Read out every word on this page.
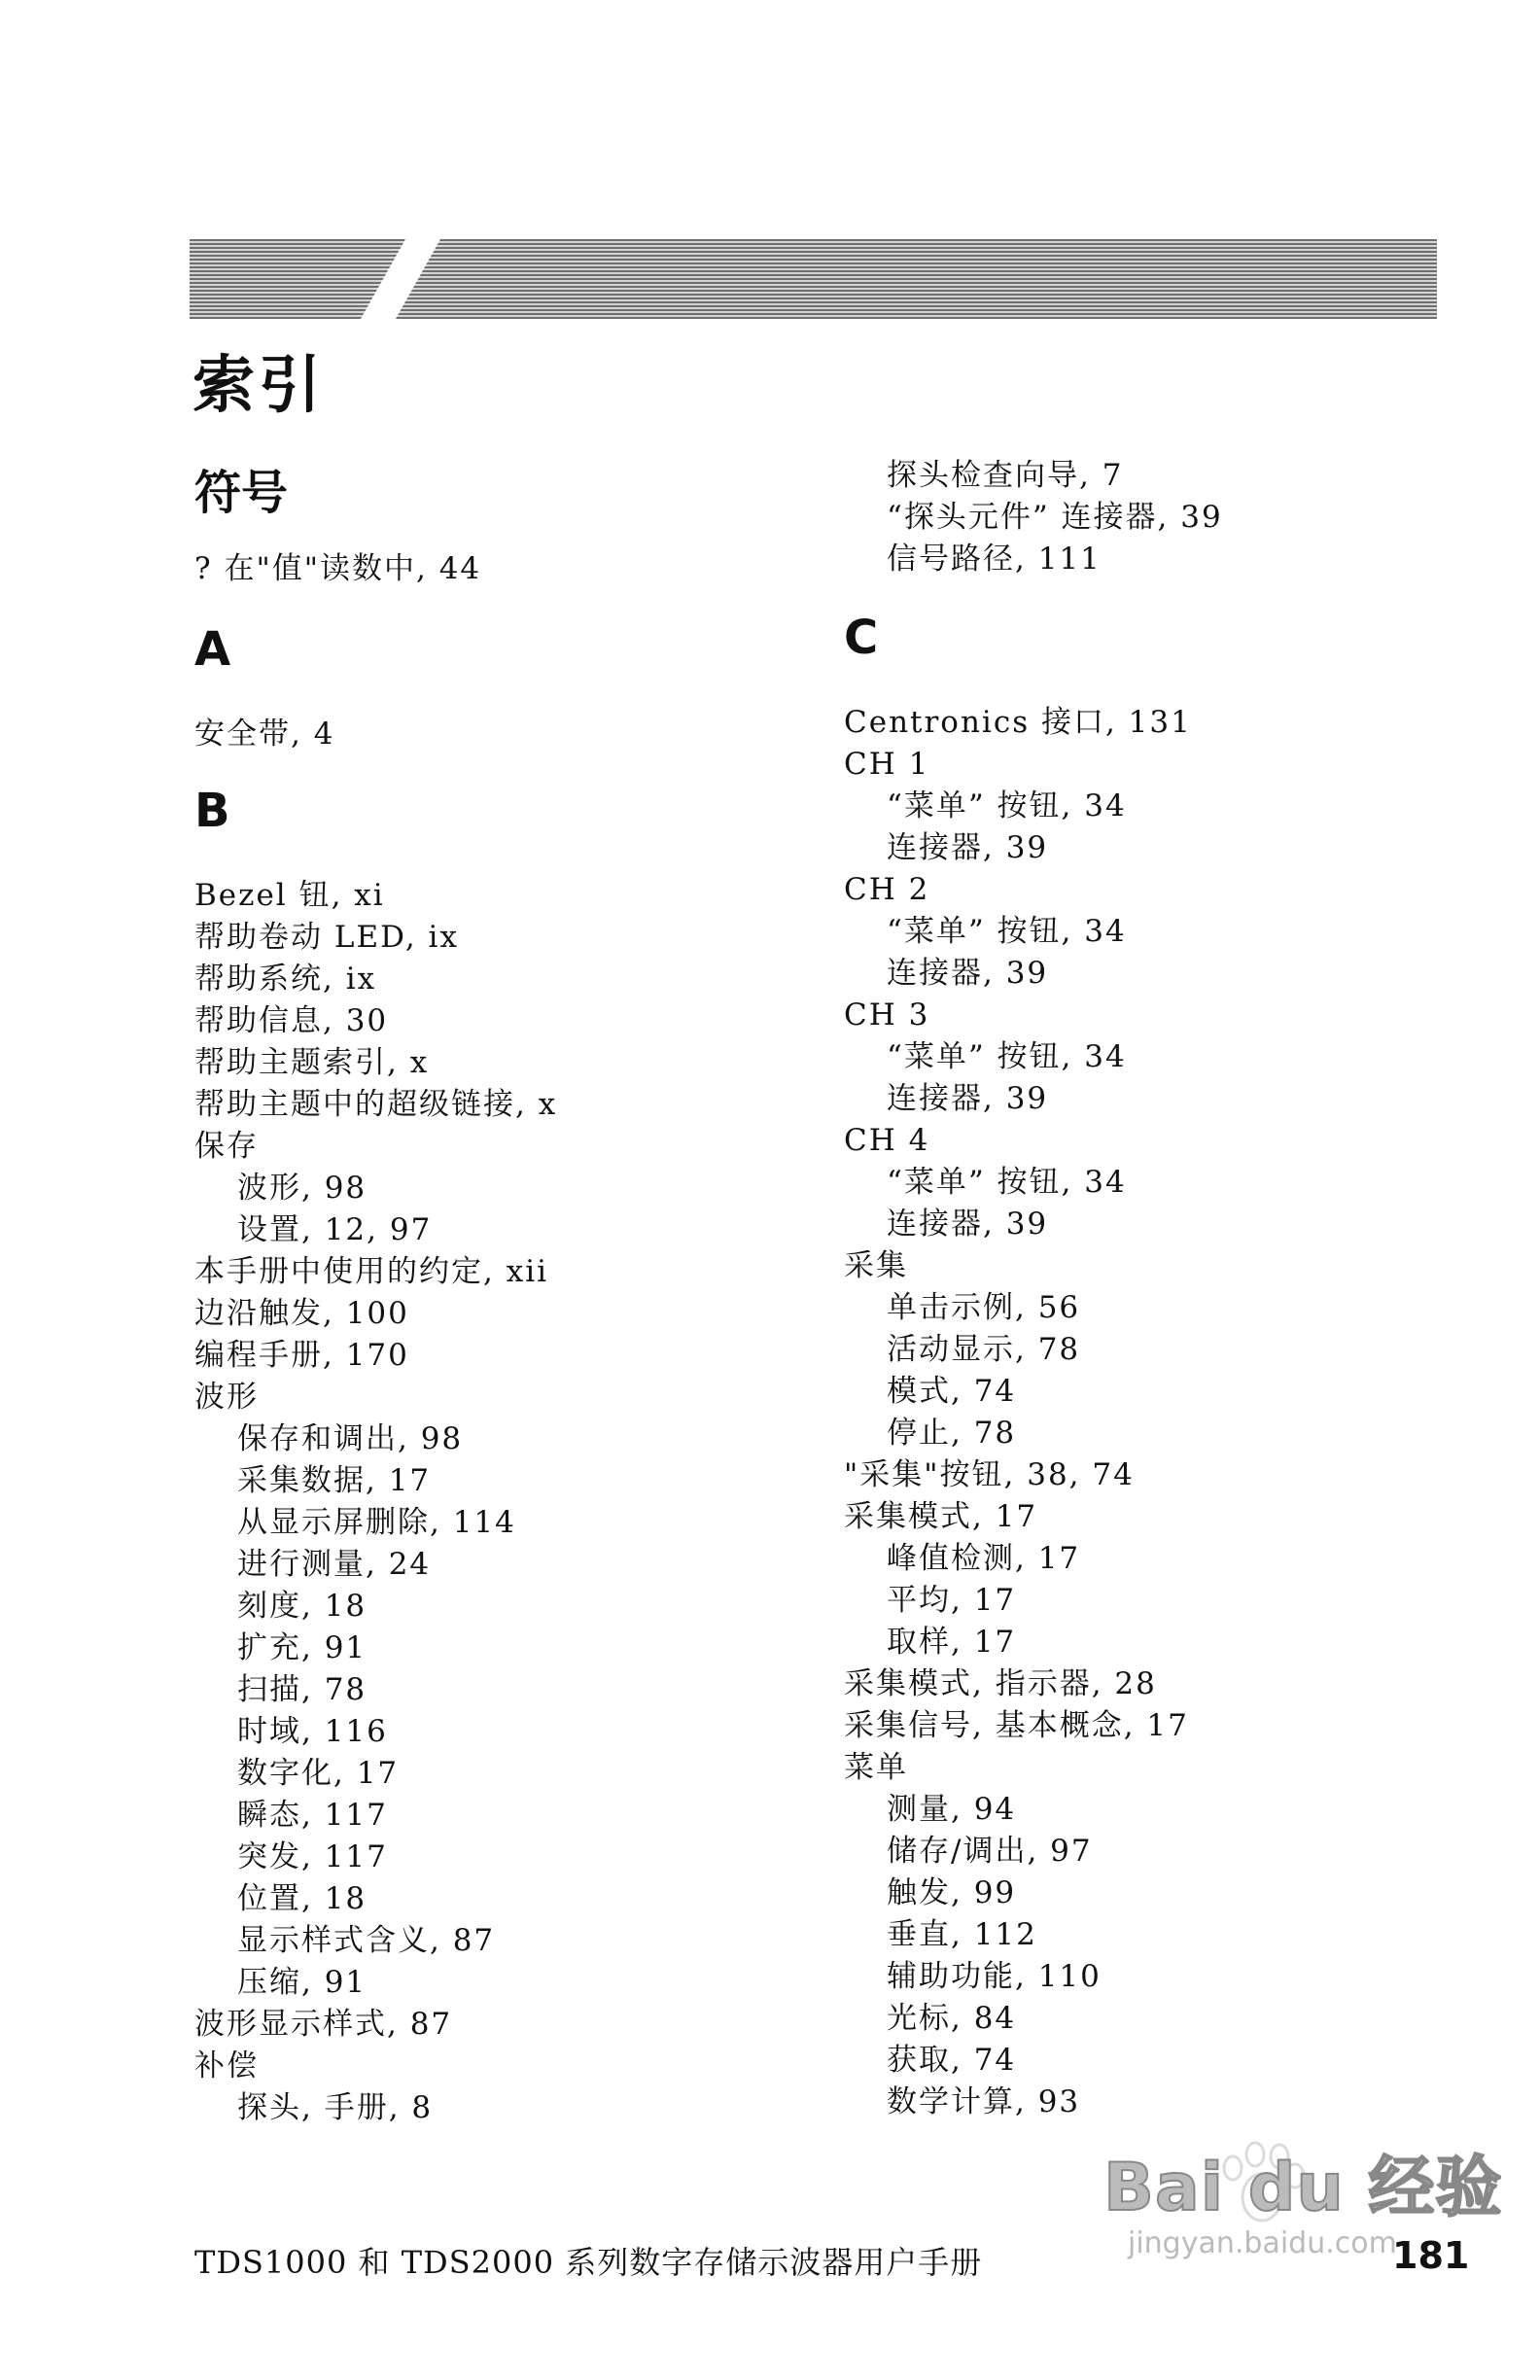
索引
符号
? 在"值"读数中, 44
A
安全带, 4
B
Bezel 钮, xi
帮助卷动 LED, ix
帮助系统, ix
帮助信息, 30
帮助主题索引, x
帮助主题中的超级链接, x
保存
波形, 98
设置, 12, 97
本手册中使用的约定, xii
边沿触发, 100
编程手册, 170
波形
保存和调出, 98
采集数据, 17
从显示屏删除, 114
进行测量, 24
刻度, 18
扩充, 91
扫描, 78
时域, 116
数字化, 17
瞬态, 117
突发, 117
位置, 18
显示样式含义, 87
压缩, 91
波形显示样式, 87
补偿
探头, 手册, 8
探头检查向导, 7
“探头元件” 连接器, 39
信号路径, 111
C
Centronics 接口, 131
CH 1
“菜单” 按钮, 34
连接器, 39
CH 2
“菜单” 按钮, 34
连接器, 39
CH 3
“菜单” 按钮, 34
连接器, 39
CH 4
“菜单” 按钮, 34
连接器, 39
采集
单击示例, 56
活动显示, 78
模式, 74
停止, 78
"采集"按钮, 38, 74
采集模式, 17
峰值检测, 17
平均, 17
取样, 17
采集模式, 指示器, 28
采集信号, 基本概念, 17
菜单
测量, 94
储存/调出, 97
触发, 99
垂直, 112
辅助功能, 110
光标, 84
获取, 74
数学计算, 93
Bai du 经验
jingyan.baidu.com
TDS1000 和 TDS2000 系列数字存储示波器用户手册	181
